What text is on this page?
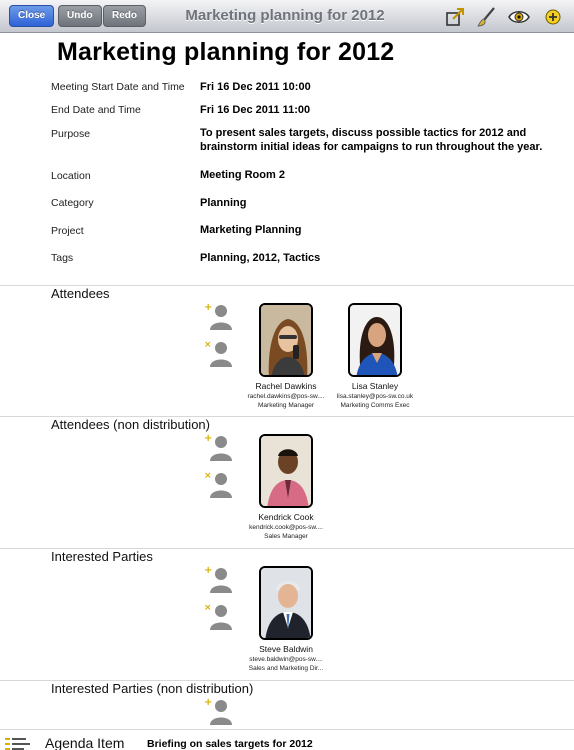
Close	Undo	Redo	Marketing planning for 2012
Marketing planning for 2012
Meeting Start Date and Time Fri 16 Dec 2011 10:00
End Date and Time	Fri 16 Dec 2011 11:00
Purpose	To present sales targets, discuss possible tactics for 2012 and brainstorm initial ideas for campaigns to run throughout the year.
Location	Meeting Room 2
Category	Planning
Project	Marketing Planning
Tags	Planning, 2012, Tactics
Attendees
+
×
Rachel Dawkins
rachel.dawkins@pos-sw....
Marketing Manager
Lisa Stanley
lisa.stanley@pos-sw.co.uk
Marketing Comms Exec
Attendees (non distribution)
+
×
Kendrick Cook
kendrick.cook@pos-sw....
Sales Manager
Interested Parties
+
×
Steve Baldwin
steve.baldwin@pos-sw....
Sales and Marketing Dir...
Interested Parties (non distribution)
+
Agenda Item Briefing on sales targets for 2012
